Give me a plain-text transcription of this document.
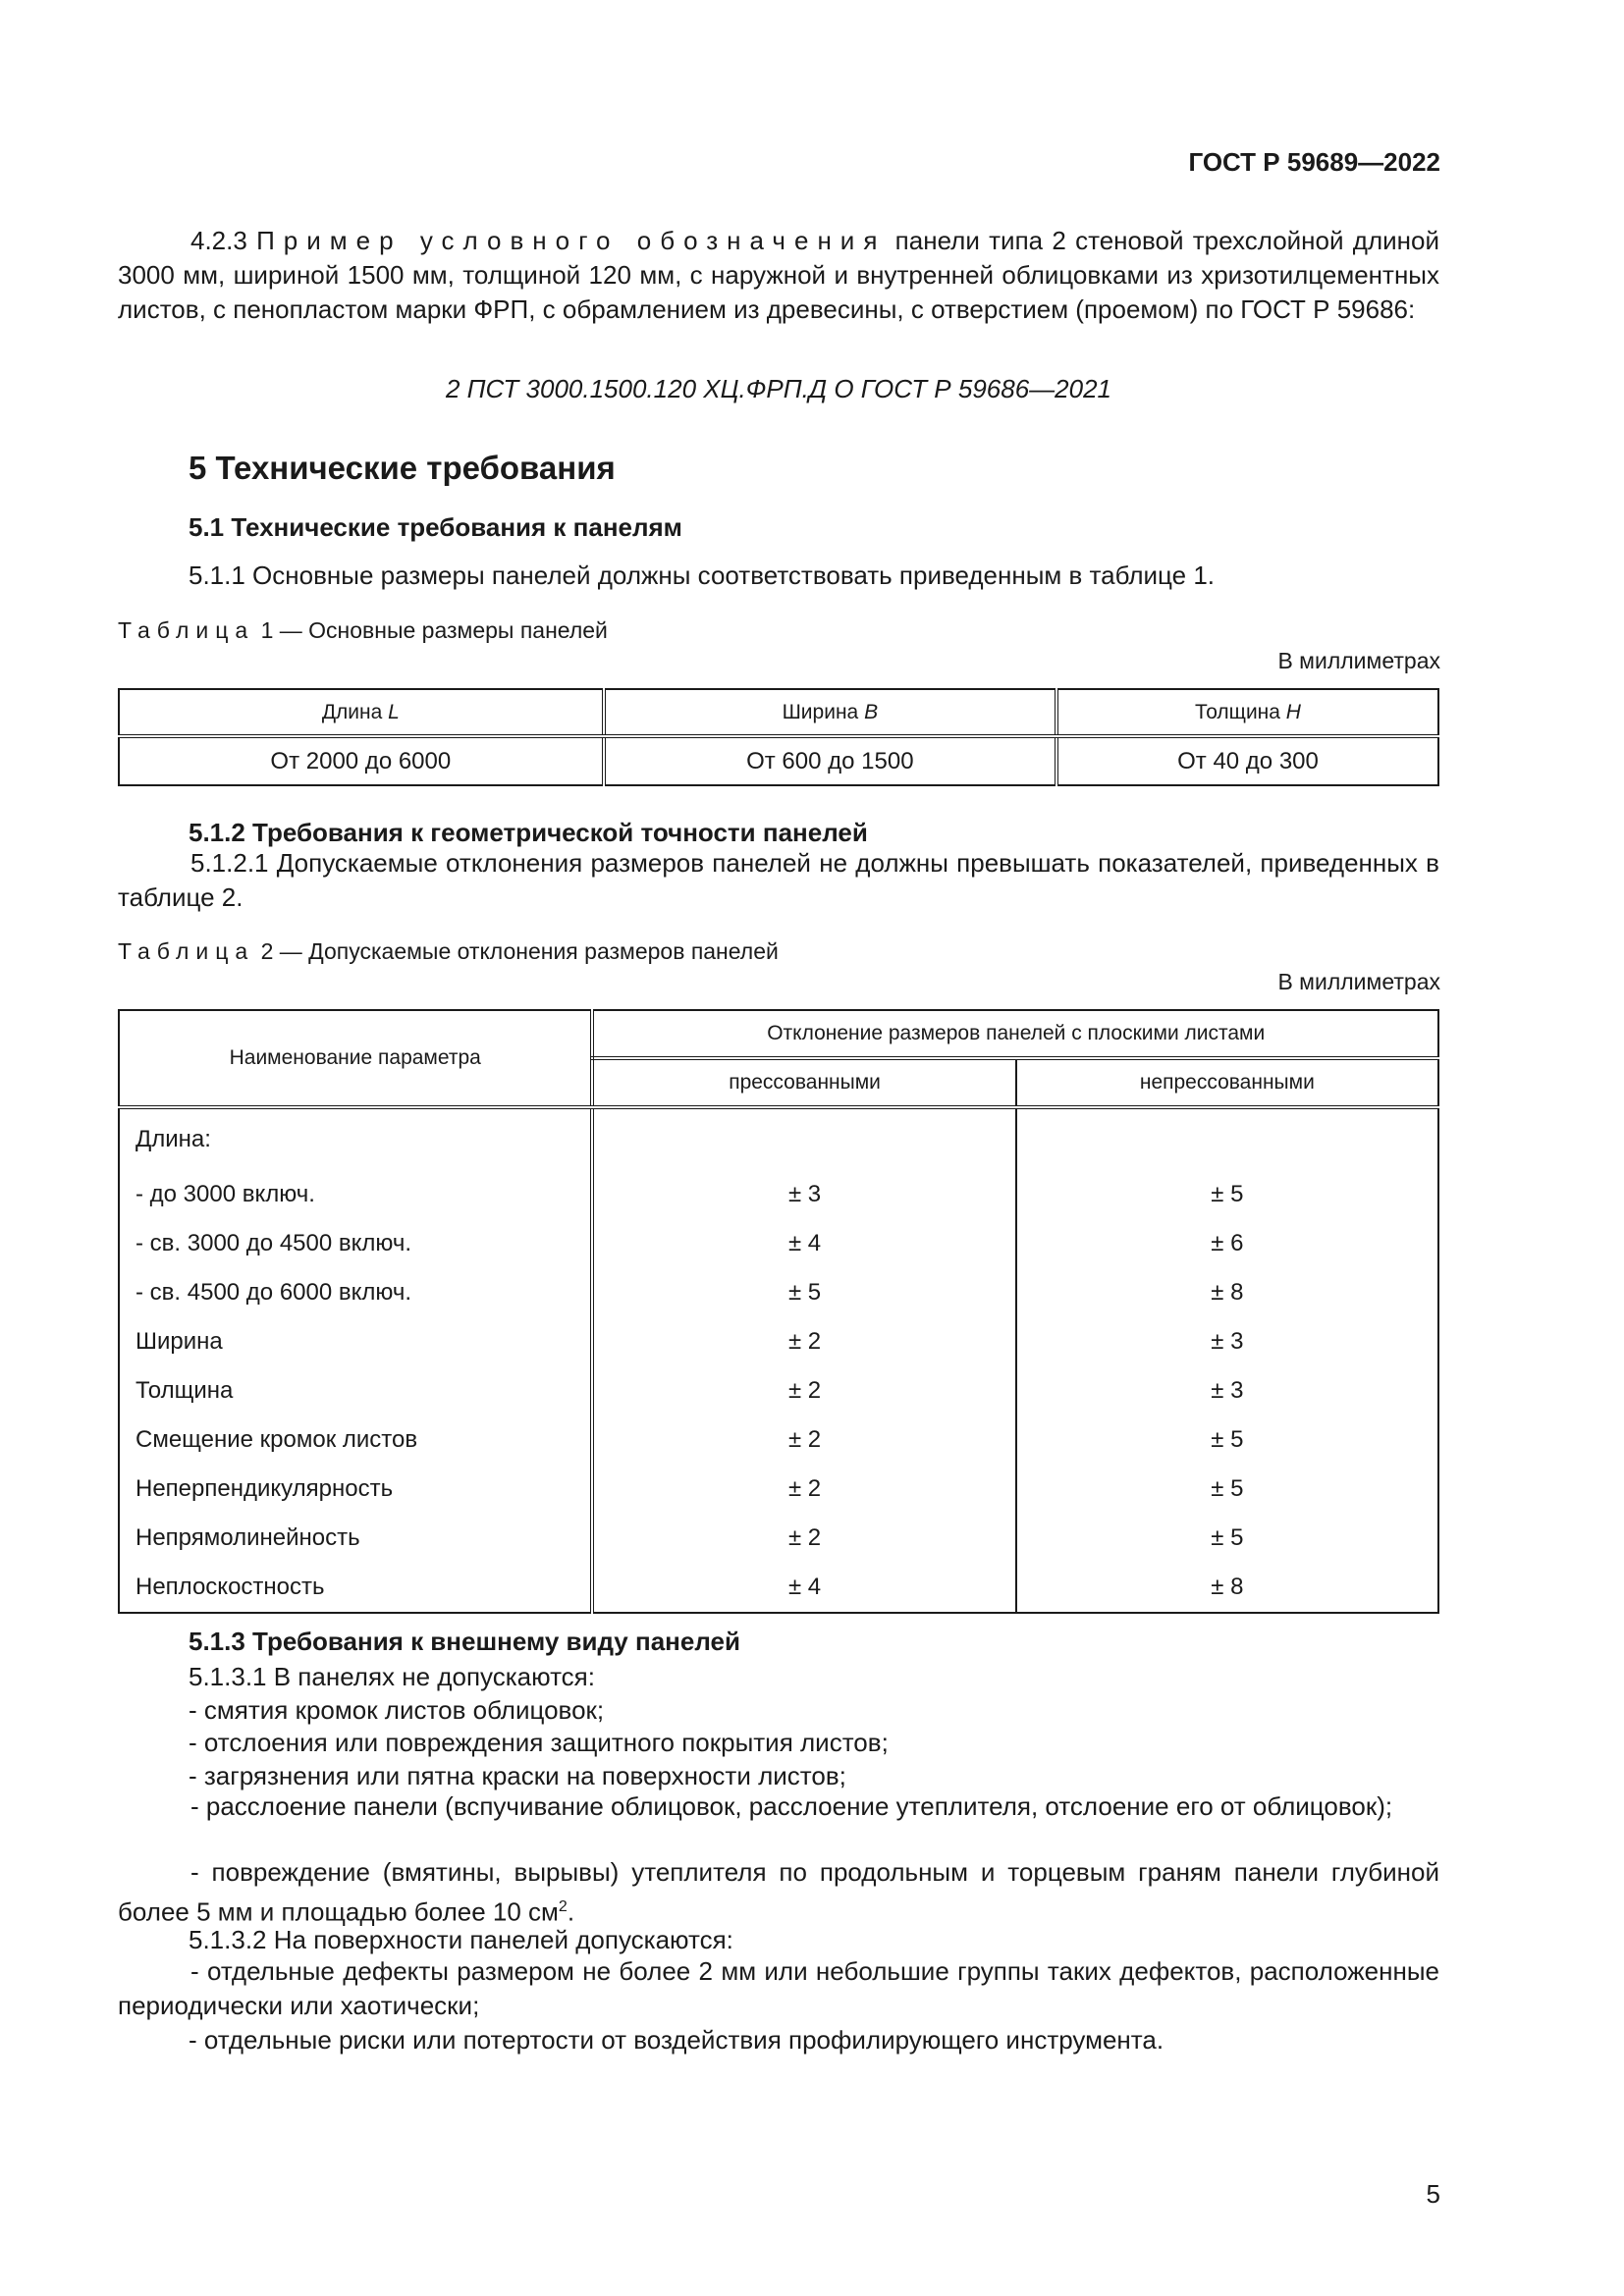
ГОСТ Р 59689—2022

4.2.3 Пример условного обозначения панели типа 2 стеновой трехслойной длиной 3000 мм, шириной 1500 мм, толщиной 120 мм, с наружной и внутренней облицовками из хризотилцементных листов, с пенопластом марки ФРП, с обрамлением из древесины, с отверстием (проемом) по ГОСТ Р 59686:

2 ПСТ 3000.1500.120 ХЦ.ФРП.Д О ГОСТ Р 59686—2021
5 Технические требования
5.1 Технические требования к панелям
5.1.1 Основные размеры панелей должны соответствовать приведенным в таблице 1.
Таблица 1 — Основные размеры панелей
В миллиметрах
Длина L	Ширина B	Толщина H
От 2000 до 6000	От 600 до 1500	От 40 до 300
5.1.2 Требования к геометрической точности панелей

5.1.2.1 Допускаемые отклонения размеров панелей не должны превышать показателей, приведенных в таблице 2.

Таблица 2 — Допускаемые отклонения размеров панелей
В миллиметрах
Наименование параметра	Отклонение размеров панелей с плоскими листами	
	прессованными	непрессованными
Длина:		
- до 3000 включ.	± 3	± 5
- св. 3000 до 4500 включ.	± 4	± 6
- св. 4500 до 6000 включ.	± 5	± 8
Ширина	± 2	± 3
Толщина	± 2	± 3
Смещение кромок листов	± 2	± 5
Неперпендикулярность	± 2	± 5
Непрямолинейность	± 2	± 5
Неплоскостность	± 4	± 8
5.1.3 Требования к внешнему виду панелей
5.1.3.1 В панелях не допускаются:
- смятия кромок листов облицовок;
- отслоения или повреждения защитного покрытия листов;
- загрязнения или пятна краски на поверхности листов;

- расслоение панели (вспучивание облицовок, расслоение утеплителя, отслоение его от облицовок);

- повреждение (вмятины, вырывы) утеплителя по продольным и торцевым граням панели глубиной более 5 мм и площадью более 10 $см^2$.

5.1.3.2 На поверхности панелей допускаются:

- отдельные дефекты размером не более 2 мм или небольшие группы таких дефектов, расположенные периодически или хаотически;

- отдельные риски или потертости от воздействия профилирующего инструмента.
5
